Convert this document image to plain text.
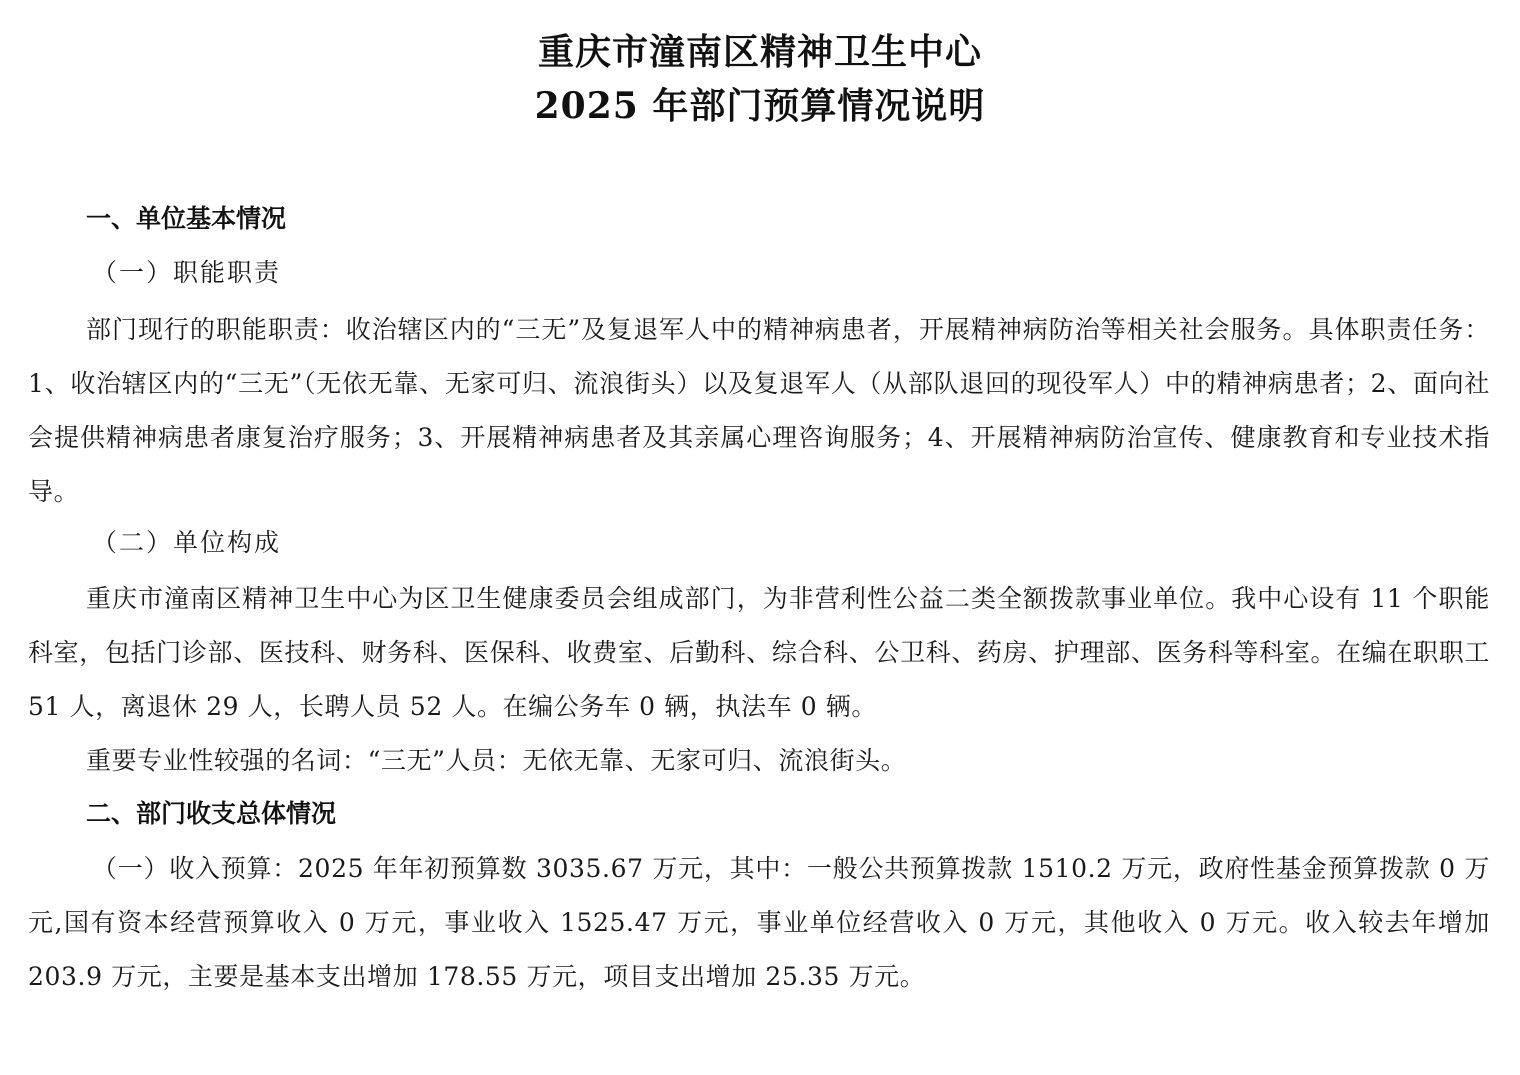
重庆市潼南区精神卫生中心
2025 年部门预算情况说明
一、单位基本情况
（一）职能职责

部门现行的职能职责：收治辖区内的“三无”及复退军人中的精神病患者，开展精神病防治等相关社会服务。具体职责任务：1、收治辖区内的“三无”（无依无靠、无家可归、流浪街头）以及复退军人（从部队退回的现役军人）中的精神病患者；2、面向社会提供精神病患者康复治疗服务；3、开展精神病患者及其亲属心理咨询服务；4、开展精神病防治宣传、健康教育和专业技术指导。

（二）单位构成

重庆市潼南区精神卫生中心为区卫生健康委员会组成部门，为非营利性公益二类全额拨款事业单位。我中心设有 11 个职能科室，包括门诊部、医技科、财务科、医保科、收费室、后勤科、综合科、公卫科、药房、护理部、医务科等科室。在编在职职工 51 人，离退休 29 人，长聘人员 52 人。在编公务车 0 辆，执法车 0 辆。

重要专业性较强的名词：“三无”人员：无依无靠、无家可归、流浪街头。

二、部门收支总体情况

（一）收入预算：2025 年年初预算数 3035.67 万元，其中：一般公共预算拨款 1510.2 万元，政府性基金预算拨款 0 万元,国有资本经营预算收入 0 万元，事业收入 1525.47 万元，事业单位经营收入 0 万元，其他收入 0 万元。收入较去年增加 203.9 万元，主要是基本支出增加 178.55 万元，项目支出增加 25.35 万元。
